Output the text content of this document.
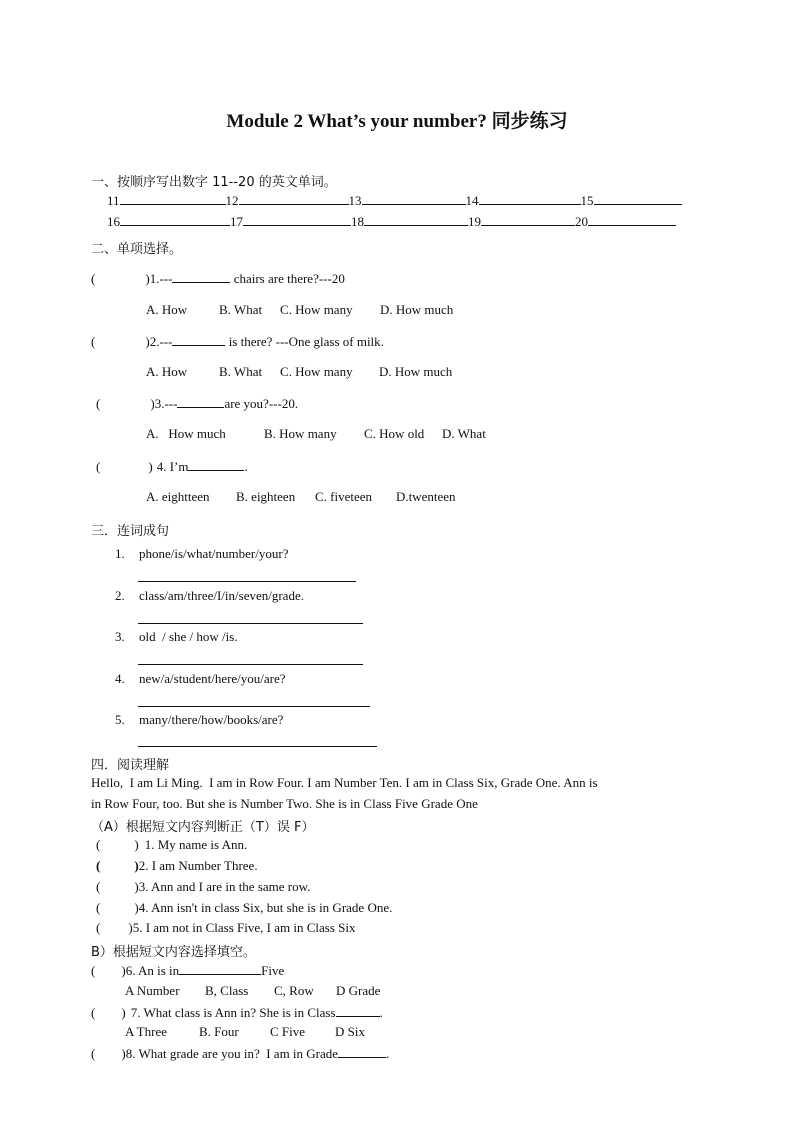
Module 2 What’s your number? 同步练习
一、按顺序写出数字 11--20 的英文单词。
11	12	13	14	15
16	17	18	19	20
二、单项选择。
(	)1.---	chairs are there?---20
A. How B. What C. How many D. How much
(	)2.---	is there? ---One glass of milk.
A. How B. What C. How many D. How much
(	)3.---	are you?---20.
A.   How much	B. How many C. How old D. What
(	) 4. I’m	.
A. eightteen B. eighteen C. fiveteen D.twenteen
三．连词成句
1. phone/is/what/number/your?
2. class/am/three/I/in/seven/grade.
3. old  / she / how /is.
4. new/a/student/here/you/are?
5. many/there/how/books/are?
四．阅读理解
Hello,  I am Li Ming.  I am in Row Four. I am Number Ten. I am in Class Six, Grade One. Ann is
in Row Four, too. But she is Number Two. She is in Class Five Grade One
（A）根据短文内容判断正（T）误 F）
(	) 1. My name is Ann.
(	)2. I am Number Three.
(	)3. Ann and I are in the same row.
(	)4. Ann isn't in class Six, but she is in Grade One.
( )5. I am not in Class Five, I am in Class Six
B）根据短文内容选择填空。
( )6. An is in	Five
A Number B, Class C, Row D Grade
( ) 7. What class is Ann in? She is in Class	.
A Three B. Four C Five D Six
( )8. What grade are you in?  I am in Grade	.
